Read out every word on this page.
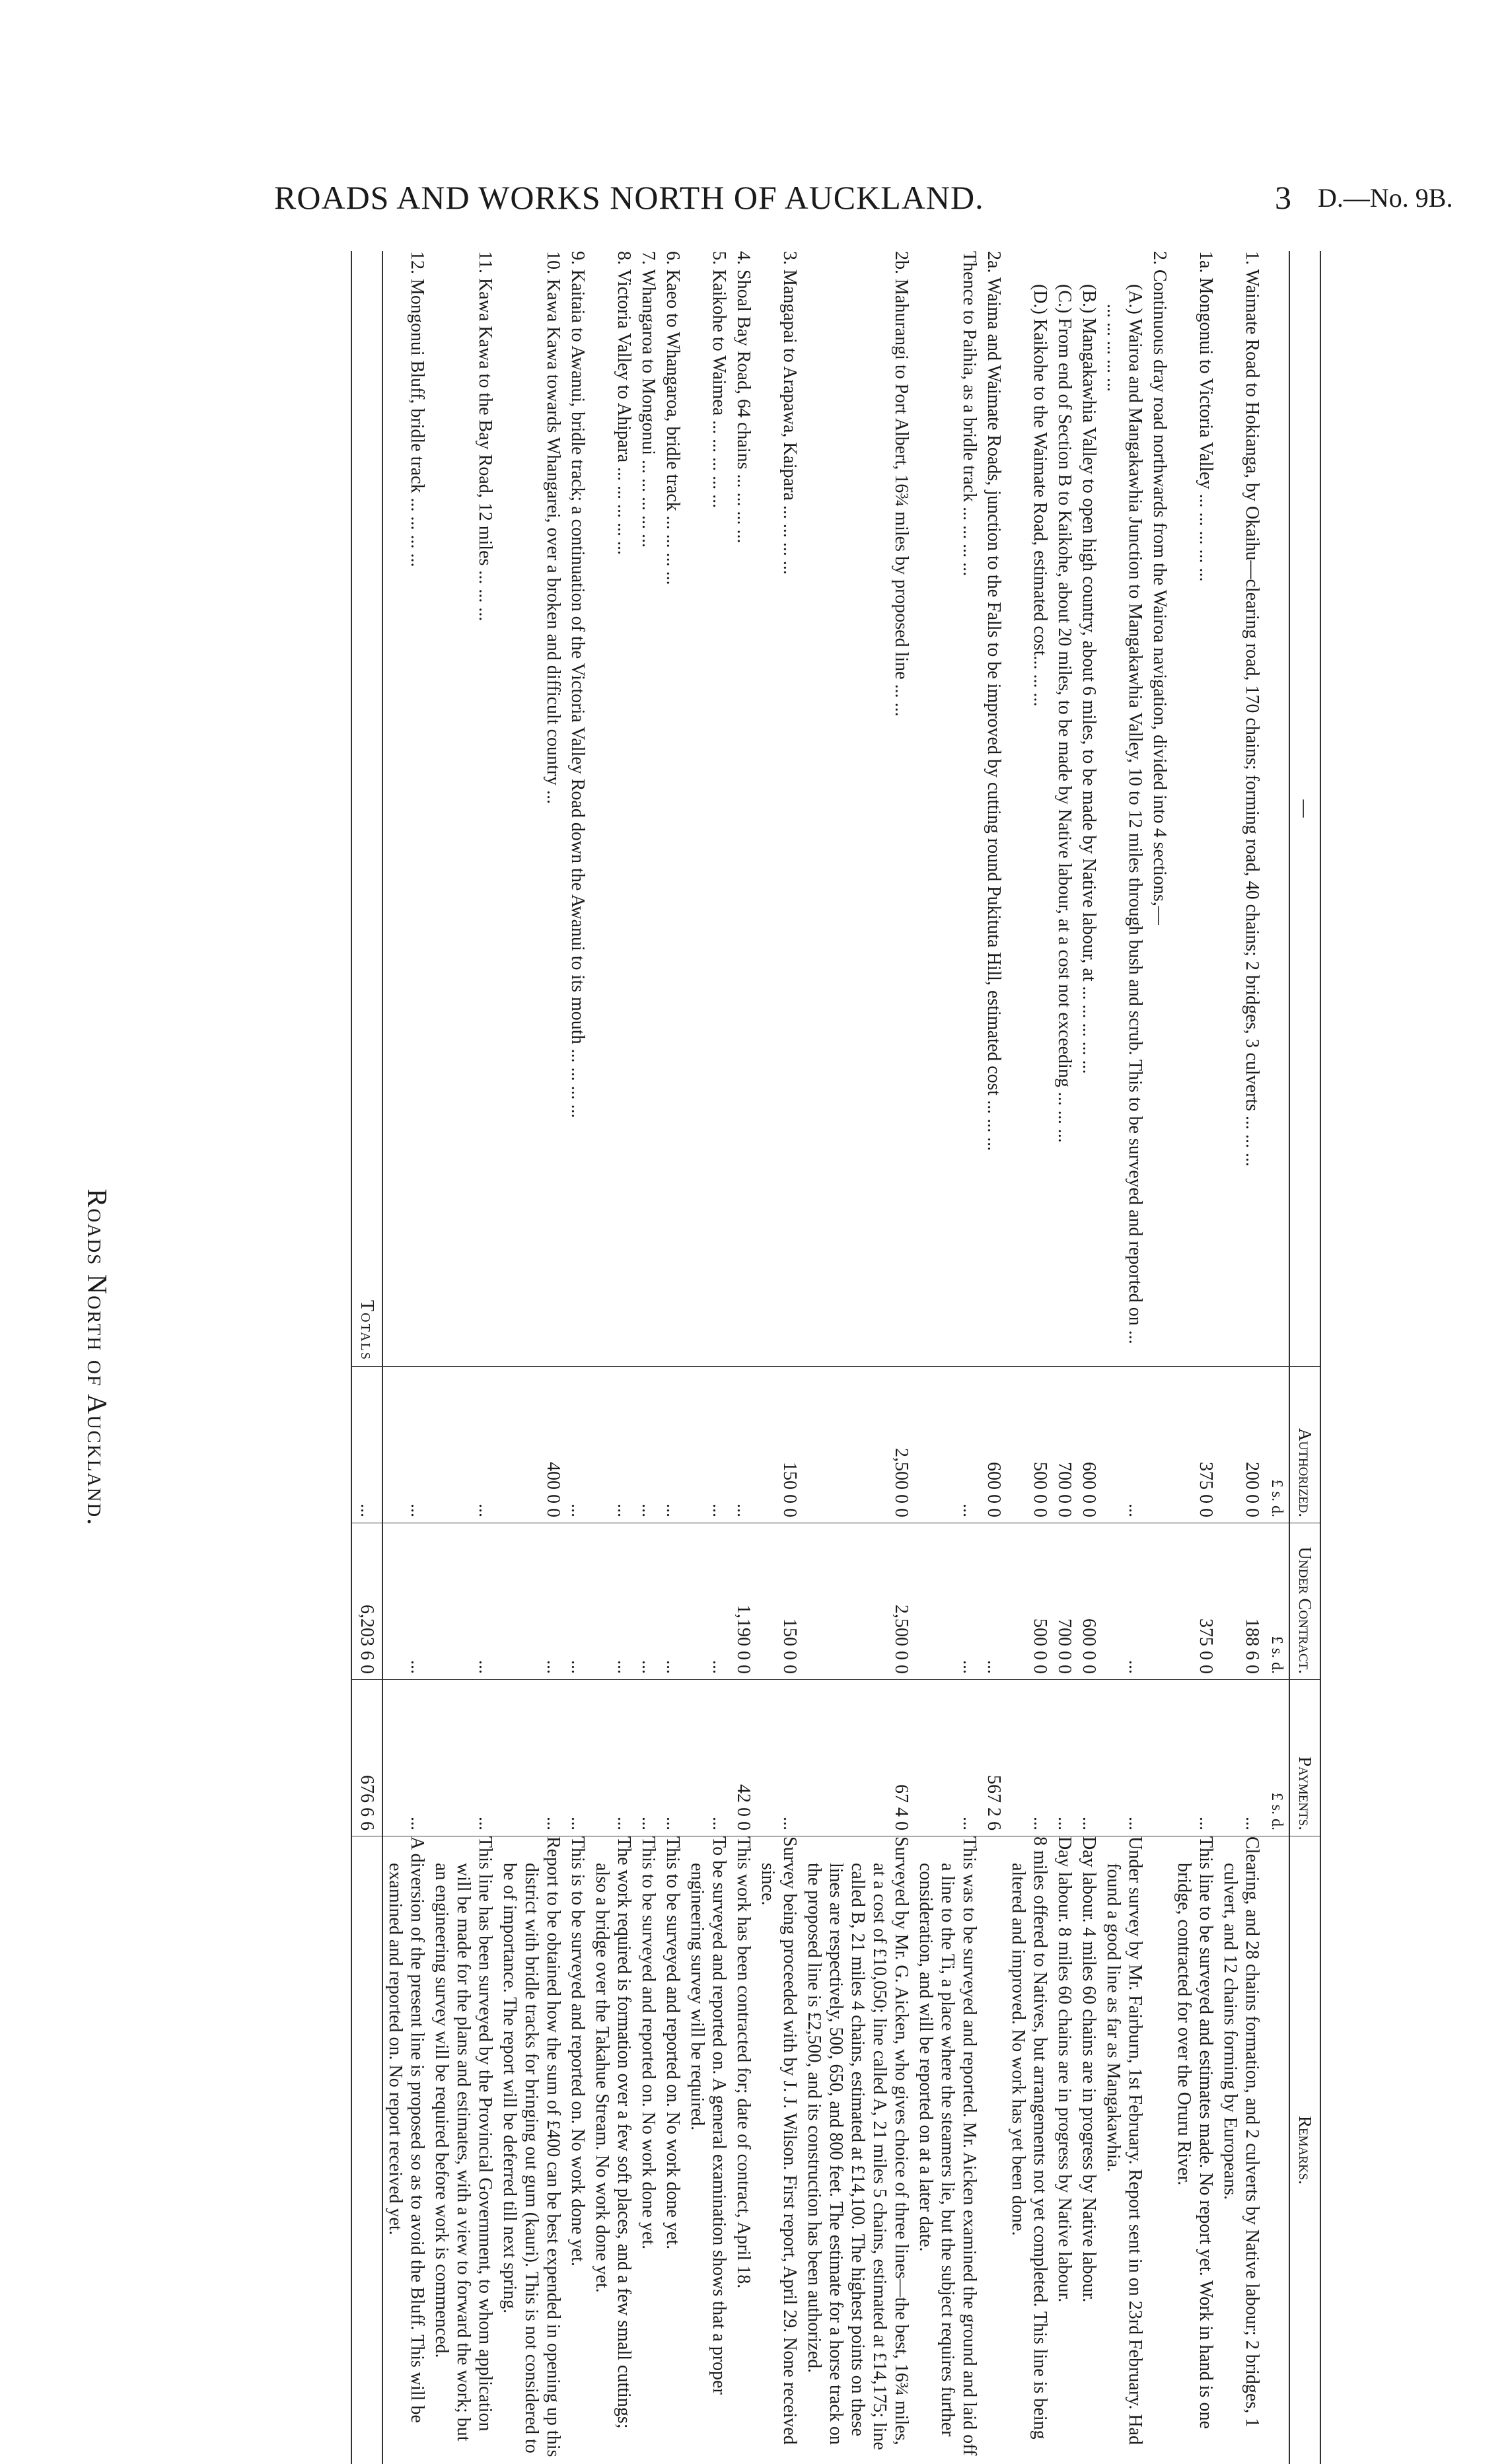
ROADS AND WORKS NORTH OF AUCKLAND.	3 D.—No. 9B.
—	Authorized.	Under Contract.	Payments.	Remarks.
	£ s. d.	£ s. d.	£ s. d.	
1. Waimate Road to Hokianga, by Okaihu—clearing road, 170 chains; forming road, 40 chains; 2 bridges, 3 culverts ... ... ...	200 0 0	188 6 0	...	Clearing, and 28 chains formation, and 2 culverts by Native labour; 2 bridges, 1 culvert, and 12 chains forming by Europeans.
1a. Mongonui to Victoria Valley ... ... ... ... ...	375 0 0	375 0 0	...	This line to be surveyed and estimates made. No report yet. Work in hand is one bridge, contracted for over the Oruru River.
2. Continuous dray road northwards from the Wairoa navigation, divided into 4 sections,—				
(A.) Wairoa and Mangakawhia Junction to Mangakawhia Valley, 10 to 12 miles through bush and scrub. This to be surveyed and reported on ... ... ... ... ... ...	...	...	...	Under survey by Mr. Fairburn, 1st February. Report sent in on 23rd February. Had found a good line as far as Mangakawhia.
(B.) Mangakawhia Valley to open high country, about 6 miles, to be made by Native labour, at ... ... ... ... ...	600 0 0	600 0 0	...	Day labour. 4 miles 60 chains are in progress by Native labour.
(C.) From end of Section B to Kaikohe, about 20 miles, to be made by Native labour, at a cost not exceeding ... ... ...	700 0 0	700 0 0	...	Day labour. 8 miles 60 chains are in progress by Native labour.
(D.) Kaikohe to the Waimate Road, estimated cost... ... ...	500 0 0	500 0 0	...	8 miles offered to Natives, but arrangements not yet completed. This line is being altered and improved. No work has yet been done.
2a. Waima and Waimate Roads, junction to the Falls to be improved by cutting round Pukituta Hill, estimated cost ... ... ...	600 0 0	...	567 2 6	
Thence to Paihia, as a bridle track ... ... ... ...	...	...	...	This was to be surveyed and reported. Mr. Aicken examined the ground and laid off a line to the Ti, a place where the steamers lie, but the subject requires further consideration, and will be reported on at a later date.
2b. Mahurangi to Port Albert, 16¾ miles by proposed line ... ...	2,500 0 0	2,500 0 0	67 4 0	Surveyed by Mr. G. Aicken, who gives choice of three lines—the best, 16¾ miles, at a cost of £10,050; line called A, 21 miles 5 chains, estimated at £14,175; line called B, 21 miles 4 chains, estimated at £14,100. The highest points on these lines are respectively, 500, 650, and 800 feet. The estimate for a horse track on the proposed line is £2,500, and its construction has been authorized.
3. Mangapai to Arapawa, Kaipara ... ... ... ...	150 0 0	150 0 0	...	Survey being proceeded with by J. J. Wilson. First report, April 29. None received since.
4. Shoal Bay Road, 64 chains ... ... ... ...	...	1,190 0 0	42 0 0	This work has been contracted for; date of contract, April 18.
5. Kaikohe to Waimea ... ... ... ... ...	...	...	...	To be surveyed and reported on. A general examination shows that a proper engineering survey will be required.
6. Kaeo to Whangaroa, bridle track ... ... ... ...	...	...	...	This to be surveyed and reported on. No work done yet.
7. Whangaroa to Mongonui ... ... ... ... ...	...	...	...	This to be surveyed and reported on. No work done yet.
8. Victoria Valley to Ahipara ... ... ... ... ...	...	...	...	The work required is formation over a few soft places, and a few small cuttings; also a bridge over the Takahue Stream. No work done yet.
9. Kaitaia to Awanui, bridle track; a continuation of the Victoria Valley Road down the Awanui to its mouth ... ... ... ...	...	...	...	This is to be surveyed and reported on. No work done yet.
10. Kawa Kawa towards Whangarei, over a broken and difficult country ...	400 0 0	...	...	Report to be obtained how the sum of £400 can be best expended in opening up this district with bridle tracks for bringing out gum (kauri). This is not considered to be of importance. The report will be deferred till next spring.
11. Kawa Kawa to the Bay Road, 12 miles ... ... ...	...	...	...	This line has been surveyed by the Provincial Government, to whom application will be made for the plans and estimates, with a view to forward the work; but an engineering survey will be required before work is commenced.
12. Mongonui Bluff, bridle track ... ... ... ...	...	...	...	A diversion of the present line is proposed so as to avoid the Bluff. This will be examined and reported on. No report received yet.
Totals	...	6,203 6 0	676 6 6	
Roads North of Auckland.
